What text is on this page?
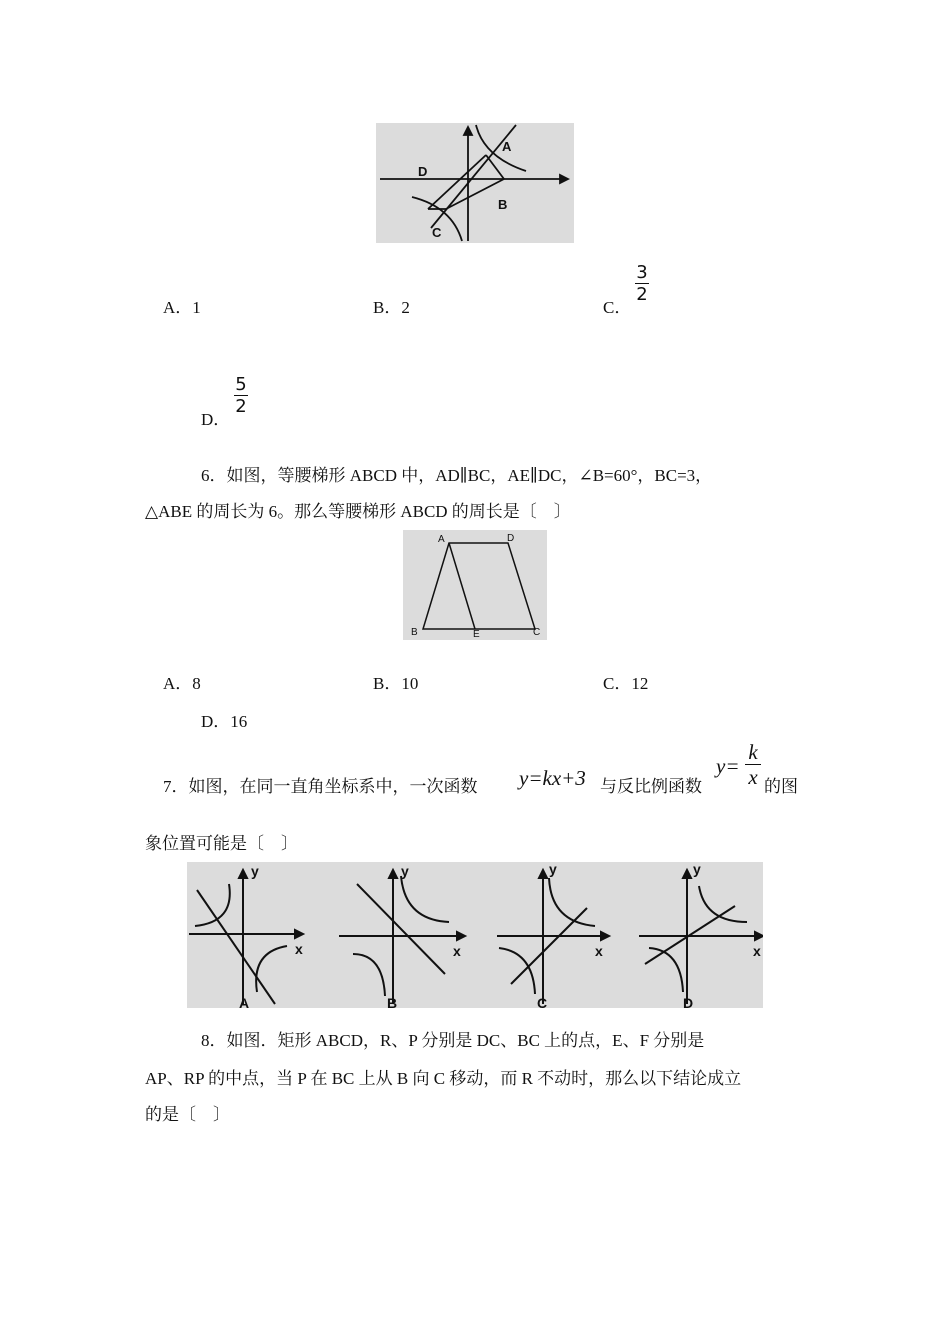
A
B
C
D
A．1	B．2	C．
3
2
D．
5
2
6．如图，等腰梯形 ABCD 中，AD∥BC，AE∥DC，∠B=60°，BC=3，
△ABE 的周长为 6。那么等腰梯形 ABCD 的周长是〔　〕
A	D
B	E	C
A．8	B．10	C．12
D．16
7．如图，在同一直角坐标系中，一次函数 y=kx+3 与反比例函数
y=
k
x 的图
象位置可能是〔　〕
y
x
A
y
x
B
y
x
C
y
x
D
8．如图．矩形 ABCD，R、P 分别是 DC、BC 上的点，E、F 分别是
AP、RP 的中点，当 P 在 BC 上从 B 向 C 移动，而 R 不动时，那么以下结论成立
的是〔　〕
